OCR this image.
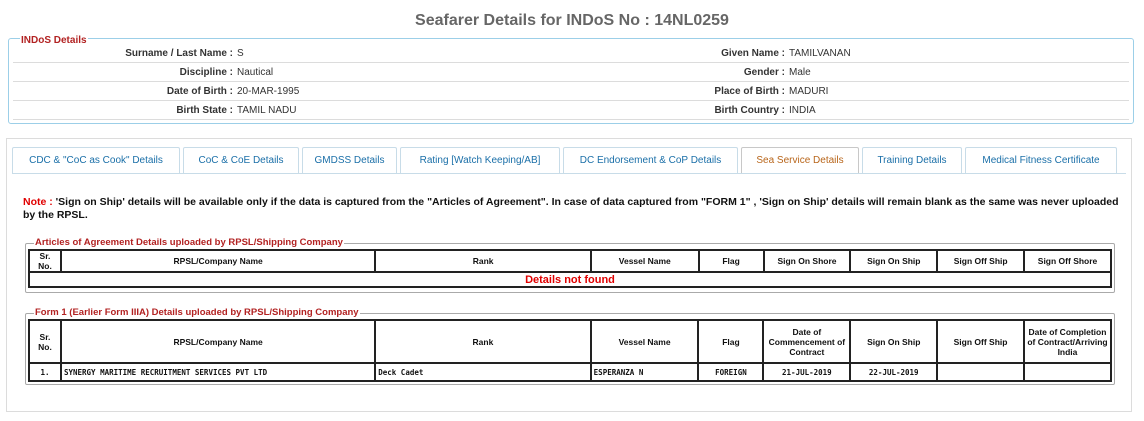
Seafarer Details for INDoS No : 14NL0259
INDoS Details
Surname / Last Name : S	Given Name : TAMILVANAN
Discipline : Nautical	Gender : Male
Date of Birth : 20-MAR-1995	Place of Birth : MADURI
Birth State : TAMIL NADU	Birth Country : INDIA
CDC & "CoC as Cook" Details	CoC & CoE Details	GMDSS Details	Rating [Watch Keeping/AB]	DC Endorsement & CoP Details	Sea Service Details	Training Details	Medical Fitness Certificate
Note : 'Sign on Ship' details will be available only if the data is captured from the "Articles of Agreement". In case of data captured from "FORM 1" , 'Sign on Ship' details will remain blank as the same was never uploaded by the RPSL.
Articles of Agreement Details uploaded by RPSL/Shipping Company
Sr. No.	RPSL/Company Name	Rank	Vessel Name	Flag	Sign On Shore	Sign On Ship	Sign Off Ship	Sign Off Shore
Details not found
Form 1 (Earlier Form IIIA) Details uploaded by RPSL/Shipping Company
Sr. No.	RPSL/Company Name	Rank	Vessel Name	Flag	Date of Commencement of Contract	Sign On Ship	Sign Off Ship	Date of Completion of Contract/Arriving India
1.	SYNERGY MARITIME RECRUITMENT SERVICES PVT LTD	Deck Cadet	ESPERANZA N	FOREIGN	21-JUL-2019	22-JUL-2019		
